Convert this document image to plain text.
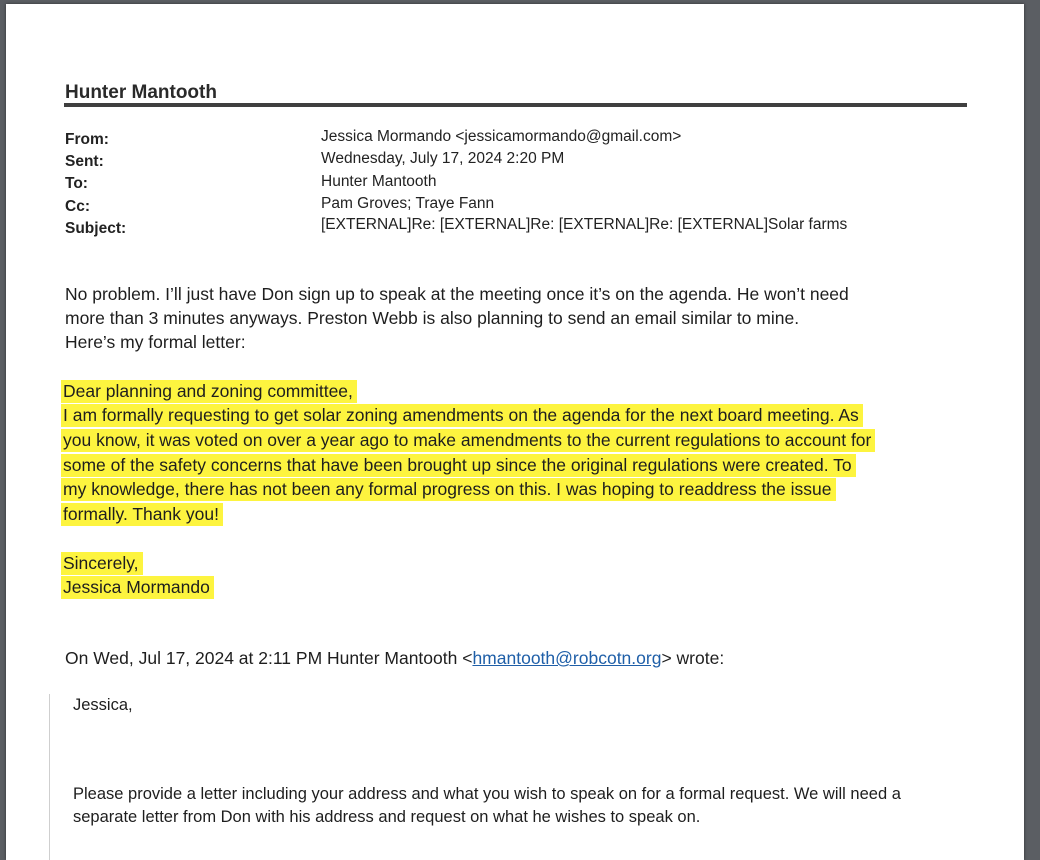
Hunter Mantooth
From:	Jessica Mormando <jessicamormando@gmail.com>
Sent:	Wednesday, July 17, 2024 2:20 PM
To:	Hunter Mantooth
Cc:	Pam Groves; Traye Fann
Subject:	[EXTERNAL]Re: [EXTERNAL]Re: [EXTERNAL]Re: [EXTERNAL]Solar farms
No problem. I’ll just have Don sign up to speak at the meeting once it’s on the agenda. He won’t need
more than 3 minutes anyways. Preston Webb is also planning to send an email similar to mine.
Here’s my formal letter:
Dear planning and zoning committee,
I am formally requesting to get solar zoning amendments on the agenda for the next board meeting. As
you know, it was voted on over a year ago to make amendments to the current regulations to account for
some of the safety concerns that have been brought up since the original regulations were created. To
my knowledge, there has not been any formal progress on this. I was hoping to readdress the issue
formally. Thank you!
Sincerely,
Jessica Mormando
On Wed, Jul 17, 2024 at 2:11 PM Hunter Mantooth <hmantooth@robcotn.org> wrote:
Jessica,
Please provide a letter including your address and what you wish to speak on for a formal request. We will need a
separate letter from Don with his address and request on what he wishes to speak on.
